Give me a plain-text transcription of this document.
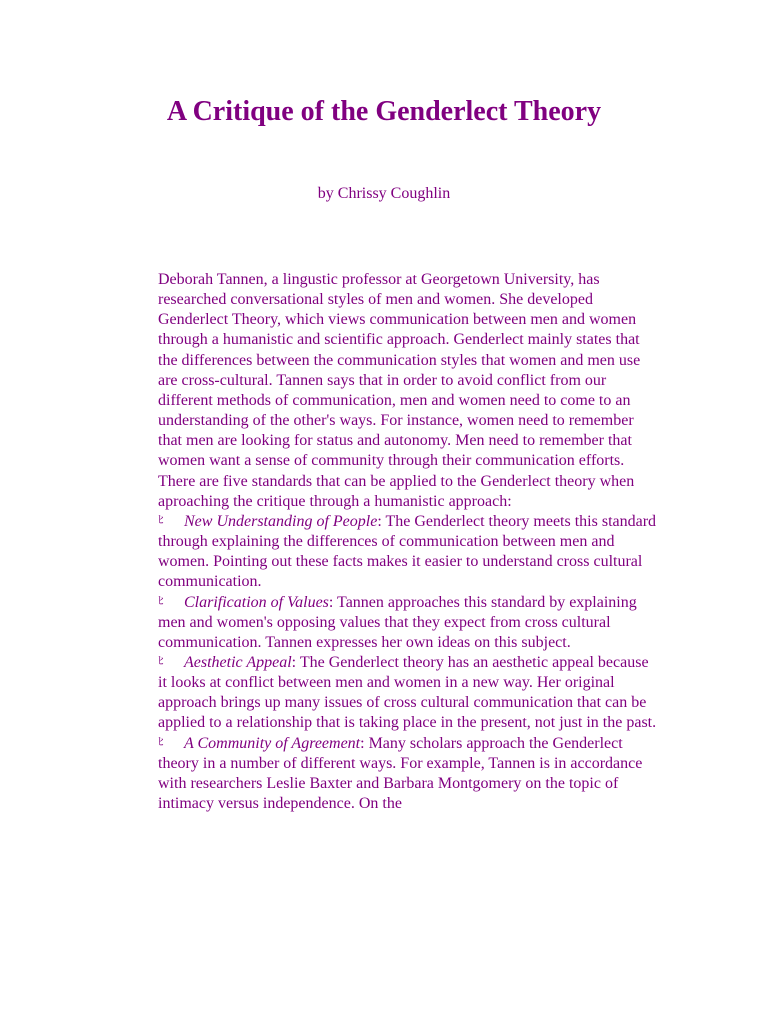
A Critique of the Genderlect Theory

by Chrissy Coughlin

Deborah Tannen, a lingustic professor at Georgetown University, has researched conversational styles of men and women. She developed Genderlect Theory, which views communication between men and women through a humanistic and scientific approach. Genderlect mainly states that the differences between the communication styles that women and men use are cross-cultural. Tannen says that in order to avoid conflict from our different methods of communication, men and women need to come to an understanding of the other's ways. For instance, women need to remember that men are looking for status and autonomy. Men need to remember that women want a sense of community through their communication efforts.

There are five standards that can be applied to the Genderlect theory when aproaching the critique through a humanistic approach:

ﾋ New Understanding of People: The Genderlect theory meets this standard through explaining the differences of communication between men and women. Pointing out these facts makes it easier to understand cross cultural communication.

ﾋ Clarification of Values: Tannen approaches this standard by explaining men and women's opposing values that they expect from cross cultural communication. Tannen expresses her own ideas on this subject.

ﾋ Aesthetic Appeal: The Genderlect theory has an aesthetic appeal because it looks at conflict between men and women in a new way. Her original approach brings up many issues of cross cultural communication that can be applied to a relationship that is taking place in the present, not just in the past.

ﾋ A Community of Agreement: Many scholars approach the Genderlect theory in a number of different ways. For example, Tannen is in accordance with researchers Leslie Baxter and Barbara Montgomery on the topic of intimacy versus independence. On the
